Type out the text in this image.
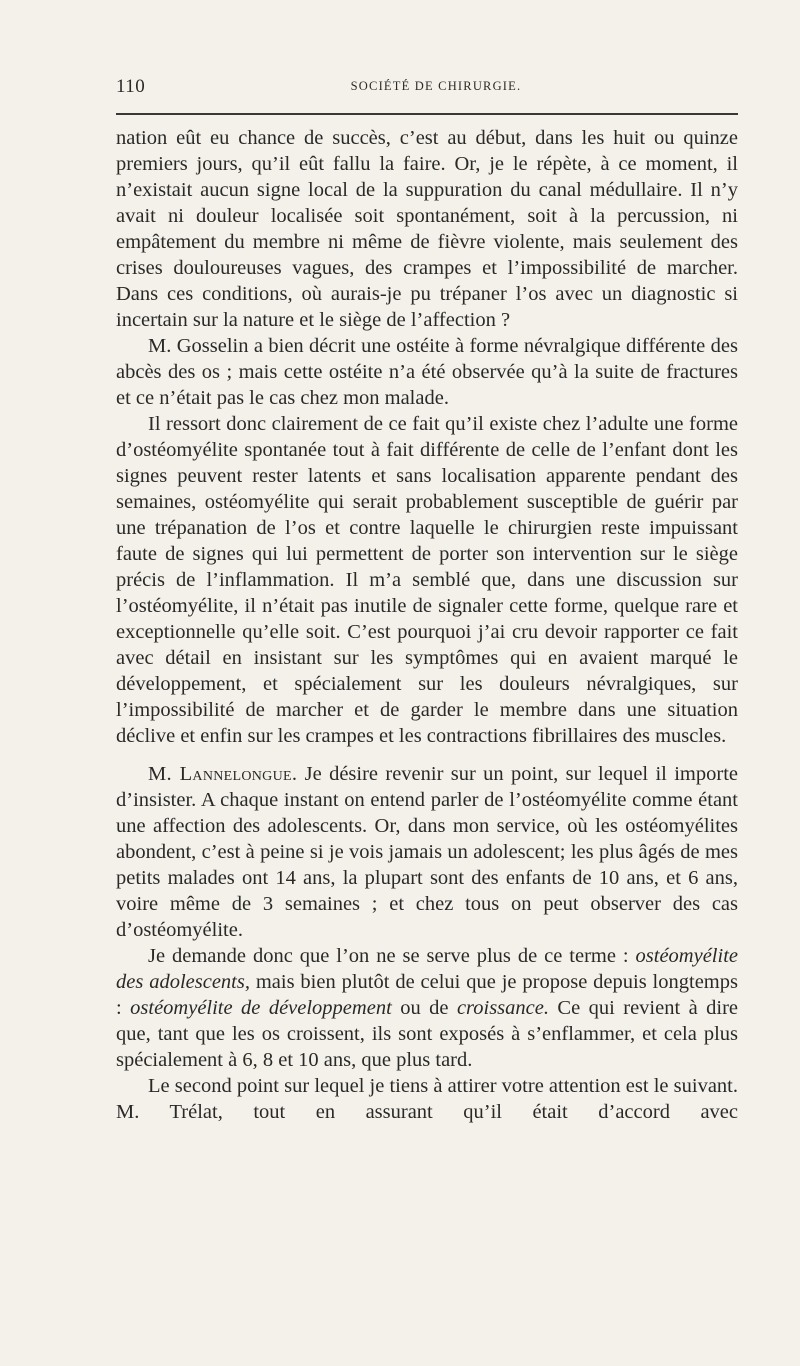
110	SOCIÉTÉ DE CHIRURGIE.

nation eût eu chance de succès, c’est au début, dans les huit ou quinze premiers jours, qu’il eût fallu la faire. Or, je le répète, à ce moment, il n’existait aucun signe local de la suppuration du canal médullaire. Il n’y avait ni douleur localisée soit spontanément, soit à la percussion, ni empâtement du membre ni même de fièvre violente, mais seulement des crises douloureuses vagues, des crampes et l’impossibilité de marcher. Dans ces conditions, où aurais-je pu trépaner l’os avec un diagnostic si incertain sur la nature et le siège de l’affection ?

M. Gosselin a bien décrit une ostéite à forme névralgique différente des abcès des os ; mais cette ostéite n’a été observée qu’à la suite de fractures et ce n’était pas le cas chez mon malade.

Il ressort donc clairement de ce fait qu’il existe chez l’adulte une forme d’ostéomyélite spontanée tout à fait différente de celle de l’enfant dont les signes peuvent rester latents et sans localisation apparente pendant des semaines, ostéomyélite qui serait probablement susceptible de guérir par une trépanation de l’os et contre laquelle le chirurgien reste impuissant faute de signes qui lui permettent de porter son intervention sur le siège précis de l’inflammation. Il m’a semblé que, dans une discussion sur l’ostéomyélite, il n’était pas inutile de signaler cette forme, quelque rare et exceptionnelle qu’elle soit. C’est pourquoi j’ai cru devoir rapporter ce fait avec détail en insistant sur les symptômes qui en avaient marqué le développement, et spécialement sur les douleurs névralgiques, sur l’impossibilité de marcher et de garder le membre dans une situation déclive et enfin sur les crampes et les contractions fibrillaires des muscles.

M. Lannelongue. Je désire revenir sur un point, sur lequel il importe d’insister. A chaque instant on entend parler de l’ostéomyélite comme étant une affection des adolescents. Or, dans mon service, où les ostéomyélites abondent, c’est à peine si je vois jamais un adolescent; les plus âgés de mes petits malades ont 14 ans, la plupart sont des enfants de 10 ans, et 6 ans, voire même de 3 semaines ; et chez tous on peut observer des cas d’ostéomyélite.

Je demande donc que l’on ne se serve plus de ce terme : ostéomyélite des adolescents, mais bien plutôt de celui que je propose depuis longtemps : ostéomyélite de développement ou de croissance. Ce qui revient à dire que, tant que les os croissent, ils sont exposés à s’enflammer, et cela plus spécialement à 6, 8 et 10 ans, que plus tard.

Le second point sur lequel je tiens à attirer votre attention est le suivant. M. Trélat, tout en assurant qu’il était d’accord avec
